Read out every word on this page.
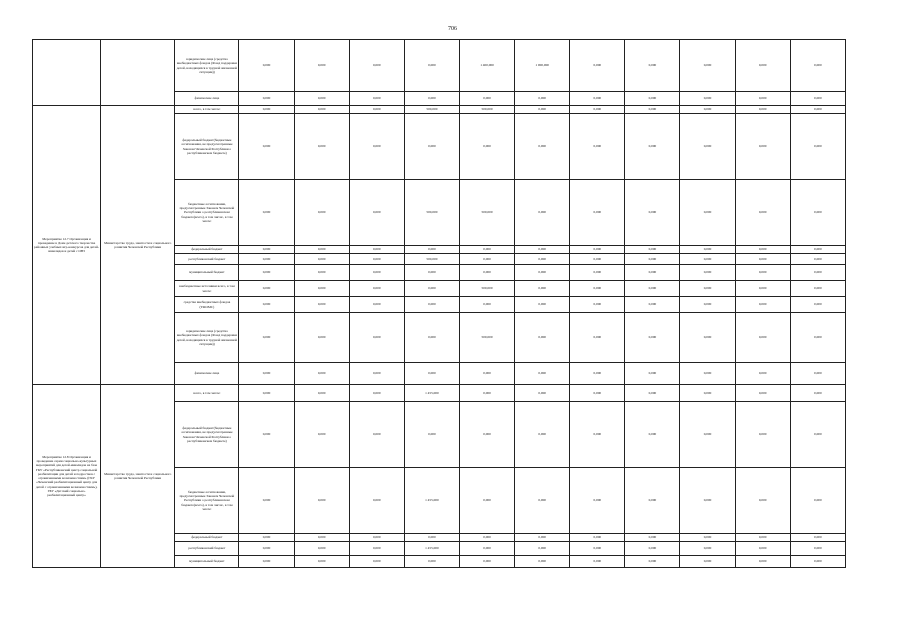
706
		юридические лица (средства внебюджетных фондов (Фонд поддержки детей, находящихся в трудной жизненной ситуации))	0,000	0,000	0,000	0,000	1 400,000	1 000,000	0,000	0,000	0,000	0,000	0,000
		физические лица	0,000	0,000	0,000	0,000	0,000	0,000	0,000	0,000	0,000	0,000	0,000
Мероприятие 12.7 Организация и проведение в Доме детского творчества районных учебных игр-конкурсов для детей-инвалидов и детей с ОВЗ	Министерство труда, занятости и социального развития Чеченской Республики	всего, в том числе:	0,000	0,000	0,000	500,000	500,000	0,000	0,000	0,000	0,000	0,000	0,000
		федеральный бюджет(бюджетные ассигнования, не предусмотренные Законом Чеченской Республики о республиканском бюджете)	0,000	0,000	0,000	0,000	0,000	0,000	0,000	0,000	0,000	0,000	0,000
		бюджетные ассигнования, предусмотренные Законом Чеченской Республики о республиканском бюджете(всего), в том числе:, в том числе:	0,000	0,000	0,000	500,000	500,000	0,000	0,000	0,000	0,000	0,000	0,000
		федеральный бюджет	0,000	0,000	0,000	0,000	0,000	0,000	0,000	0,000	0,000	0,000	0,000
		республиканский бюджет	0,000	0,000	0,000	500,000	0,000	0,000	0,000	0,000	0,000	0,000	0,000
		муниципальный бюджет	0,000	0,000	0,000	0,000	0,000	0,000	0,000	0,000	0,000	0,000	0,000
		внебюджетные источники всего, в том числе:	0,000	0,000	0,000	0,000	500,000	0,000	0,000	0,000	0,000	0,000	0,000
		средства внебюджетных фондов (ТФОМС)	0,000	0,000	0,000	0,000	0,000	0,000	0,000	0,000	0,000	0,000	0,000
		юридические лица (средства внебюджетных фондов (Фонд поддержки детей, находящихся в трудной жизненной ситуации))	0,000	0,000	0,000	0,000	500,000	0,000	0,000	0,000	0,000	0,000	0,000
		физические лица	0,000	0,000	0,000	0,000	0,000	0,000	0,000	0,000	0,000	0,000	0,000
Мероприятие 12.8 Организация и проведение серии социально-культурных мероприятий для детей-инвалидов на базе ГКУ «Республиканский центр социальной реабилитации для детей и подростков с ограниченными возможностями» (ГКУ «Чеченский реабилитационный центр для детей с ограниченными возможностями»), ГБУ «Детский социально-реабилитационный центр»	Министерство труда, занятости и социального развития Чеченской Республики	всего, в том числе:	0,000	0,000	0,000	1 455,000	0,000	0,000	0,000	0,000	0,000	0,000	0,000
		федеральный бюджет(бюджетные ассигнования, не предусмотренные Законом Чеченской Республики о республиканском бюджете)	0,000	0,000	0,000	0,000	0,000	0,000	0,000	0,000	0,000	0,000	0,000
		бюджетные ассигнования, предусмотренные Законом Чеченской Республики о республиканском бюджете(всего), в том числе:, в том числе:	0,000	0,000	0,000	1 455,000	0,000	0,000	0,000	0,000	0,000	0,000	0,000
		федеральный бюджет	0,000	0,000	0,000	0,000	0,000	0,000	0,000	0,000	0,000	0,000	0,000
		республиканский бюджет	0,000	0,000	0,000	1 455,000	0,000	0,000	0,000	0,000	0,000	0,000	0,000
		муниципальный бюджет	0,000	0,000	0,000	0,000	0,000	0,000	0,000	0,000	0,000	0,000	0,000
